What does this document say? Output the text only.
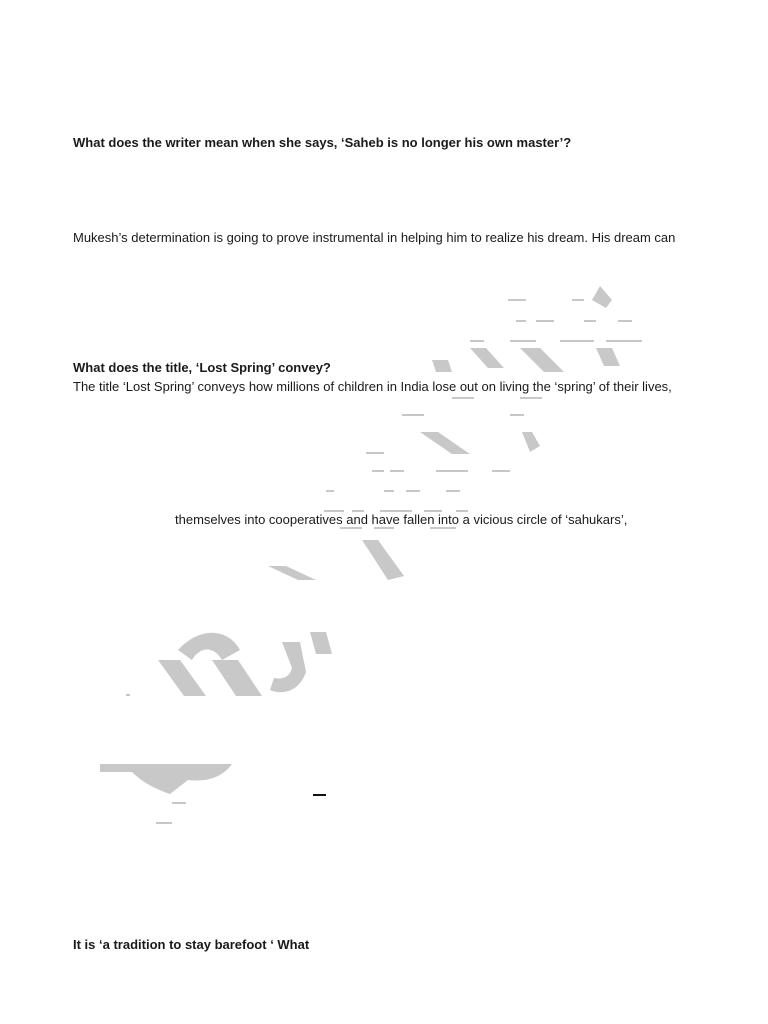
What does the writer mean when she says, ‘Saheb is no longer his own master’?
Mukesh’s determination is going to prove instrumental in helping him to realize his dream. His dream can
What does the title, ‘Lost Spring’ convey?
The title ‘Lost Spring’ conveys how millions of children in India lose out on living the ‘spring’ of their lives,
themselves into cooperatives and have fallen into a vicious circle of ‘sahukars’,
It is ‘a tradition to stay barefoot ‘ What
